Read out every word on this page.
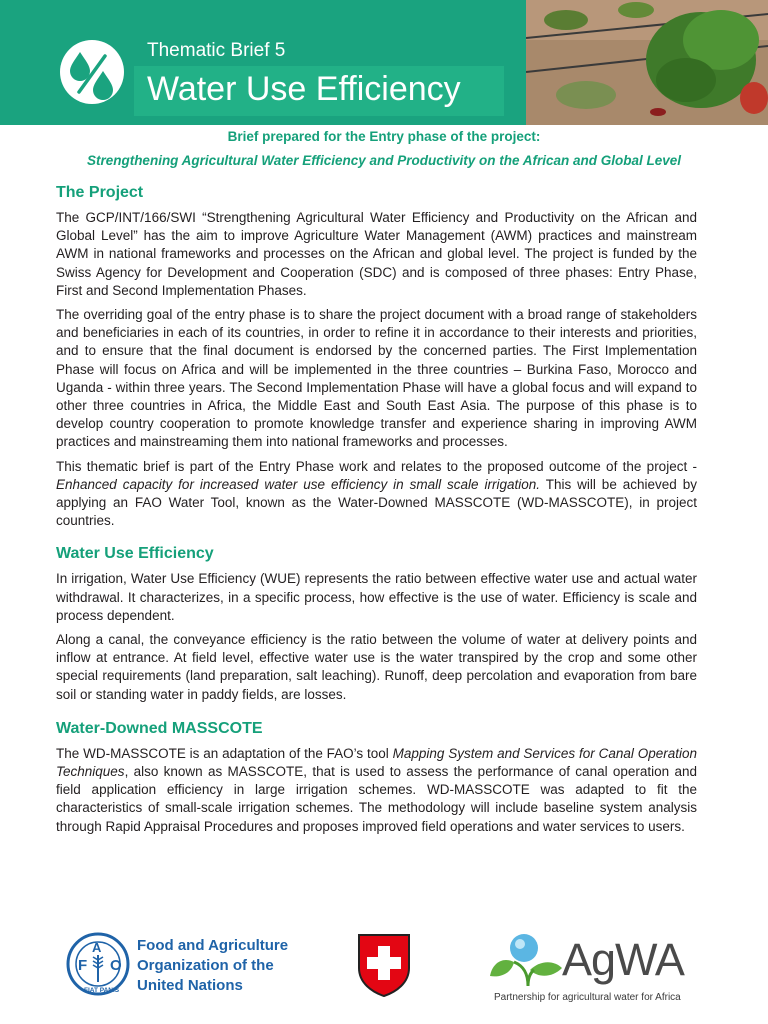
Thematic Brief 5
Water Use Efficiency
Brief prepared for the Entry phase of the project:
Strengthening Agricultural Water Efficiency and Productivity on the African and Global Level
The Project

The GCP/INT/166/SWI “Strengthening Agricultural Water Efficiency and Productivity on the African and Global Level” has the aim to improve Agriculture Water Management (AWM) practices and mainstream AWM in national frameworks and processes on the African and global level. The project is funded by the Swiss Agency for Development and Cooperation (SDC) and is composed of three phases: Entry Phase, First and Second Implementation Phases.

The overriding goal of the entry phase is to share the project document with a broad range of stakeholders and beneficiaries in each of its countries, in order to refine it in accordance to their interests and priorities, and to ensure that the final document is endorsed by the concerned parties. The First Implementation Phase will focus on Africa and will be implemented in the three countries – Burkina Faso, Morocco and Uganda - within three years. The Second Implementation Phase will have a global focus and will expand to other three countries in Africa, the Middle East and South East Asia. The purpose of this phase is to develop country cooperation to promote knowledge transfer and experience sharing in improving AWM practices and mainstreaming them into national frameworks and processes.

This thematic brief is part of the Entry Phase work and relates to the proposed outcome of the project - Enhanced capacity for increased water use efficiency in small scale irrigation. This will be achieved by applying an FAO Water Tool, known as the Water-Downed MASSCOTE (WD-MASSCOTE), in project countries.

Water Use Efficiency

In irrigation, Water Use Efficiency (WUE) represents the ratio between effective water use and actual water withdrawal. It characterizes, in a specific process, how effective is the use of water. Efficiency is scale and process dependent.

Along a canal, the conveyance efficiency is the ratio between the volume of water at delivery points and inflow at entrance. At field level, effective water use is the water transpired by the crop and some other special requirements (land preparation, salt leaching). Runoff, deep percolation and evaporation from bare soil or standing water in paddy fields, are losses.

Water-Downed MASSCOTE

The WD-MASSCOTE is an adaptation of the FAO’s tool Mapping System and Services for Canal Operation Techniques, also known as MASSCOTE, that is used to assess the performance of canal operation and field application efficiency in large irrigation schemes. WD-MASSCOTE was adapted to fit the characteristics of small-scale irrigation schemes. The methodology will include baseline system analysis through Rapid Appraisal Procedures and proposes improved field operations and water services to users.

F O
A
FIAT PANIS
Food and Agriculture
Organization of the
United Nations
AgWA
Partnership for agricultural water for Africa
